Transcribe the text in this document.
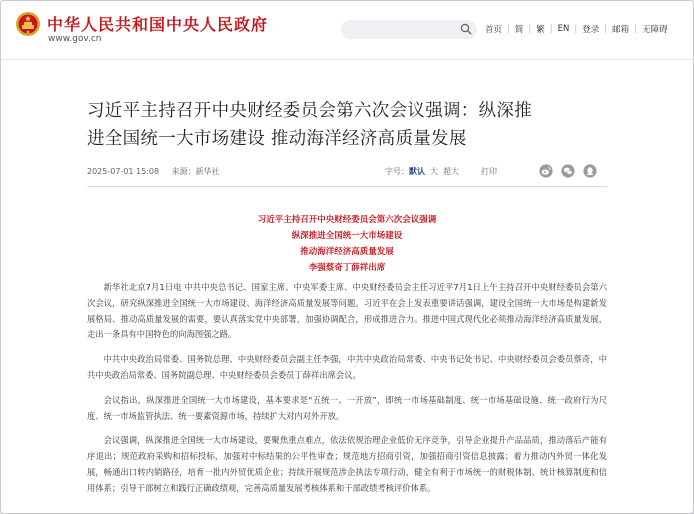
中华人民共和国中央人民政府
www.gov.cn
首页 | 简 | 繁 | EN | 登录 | 邮箱 | 无障碍
习近平主持召开中央财经委员会第六次会议强调：纵深推
进全国统一大市场建设 推动海洋经济高质量发展
2025-07-01 15:08 来源：新华社	字号：默认 大 超大	打印
习近平主持召开中央财经委员会第六次会议强调
纵深推进全国统一大市场建设
推动海洋经济高质量发展
李强蔡奇丁薛祥出席

新华社北京7月1日电 中共中央总书记、国家主席、中央军委主席、中央财经委员会主任习近平7月1日上午主持召开中央财经委员会第六次会议，研究纵深推进全国统一大市场建设、海洋经济高质量发展等问题。习近平在会上发表重要讲话强调，建设全国统一大市场是构建新发展格局、推动高质量发展的需要，要认真落实党中央部署，加强协调配合，形成推进合力。推进中国式现代化必须推动海洋经济高质量发展，走出一条具有中国特色的向海图强之路。

中共中央政治局常委、国务院总理、中央财经委员会副主任李强，中共中央政治局常委、中央书记处书记、中央财经委员会委员蔡奇，中共中央政治局常委、国务院副总理、中央财经委员会委员丁薛祥出席会议。

会议指出，纵深推进全国统一大市场建设，基本要求是“五统一、一开放”，即统一市场基础制度、统一市场基础设施、统一政府行为尺度、统一市场监管执法、统一要素资源市场，持续扩大对内对外开放。

会议强调，纵深推进全国统一大市场建设，要聚焦重点难点，依法依规治理企业低价无序竞争，引导企业提升产品品质，推动落后产能有序退出；规范政府采购和招标投标，加强对中标结果的公平性审查；规范地方招商引资，加强招商引资信息披露；着力推动内外贸一体化发展，畅通出口转内销路径，培育一批内外贸优质企业；持续开展规范涉企执法专项行动，健全有利于市场统一的财税体制、统计核算制度和信用体系；引导干部树立和践行正确政绩观，完善高质量发展考核体系和干部政绩考核评价体系。
